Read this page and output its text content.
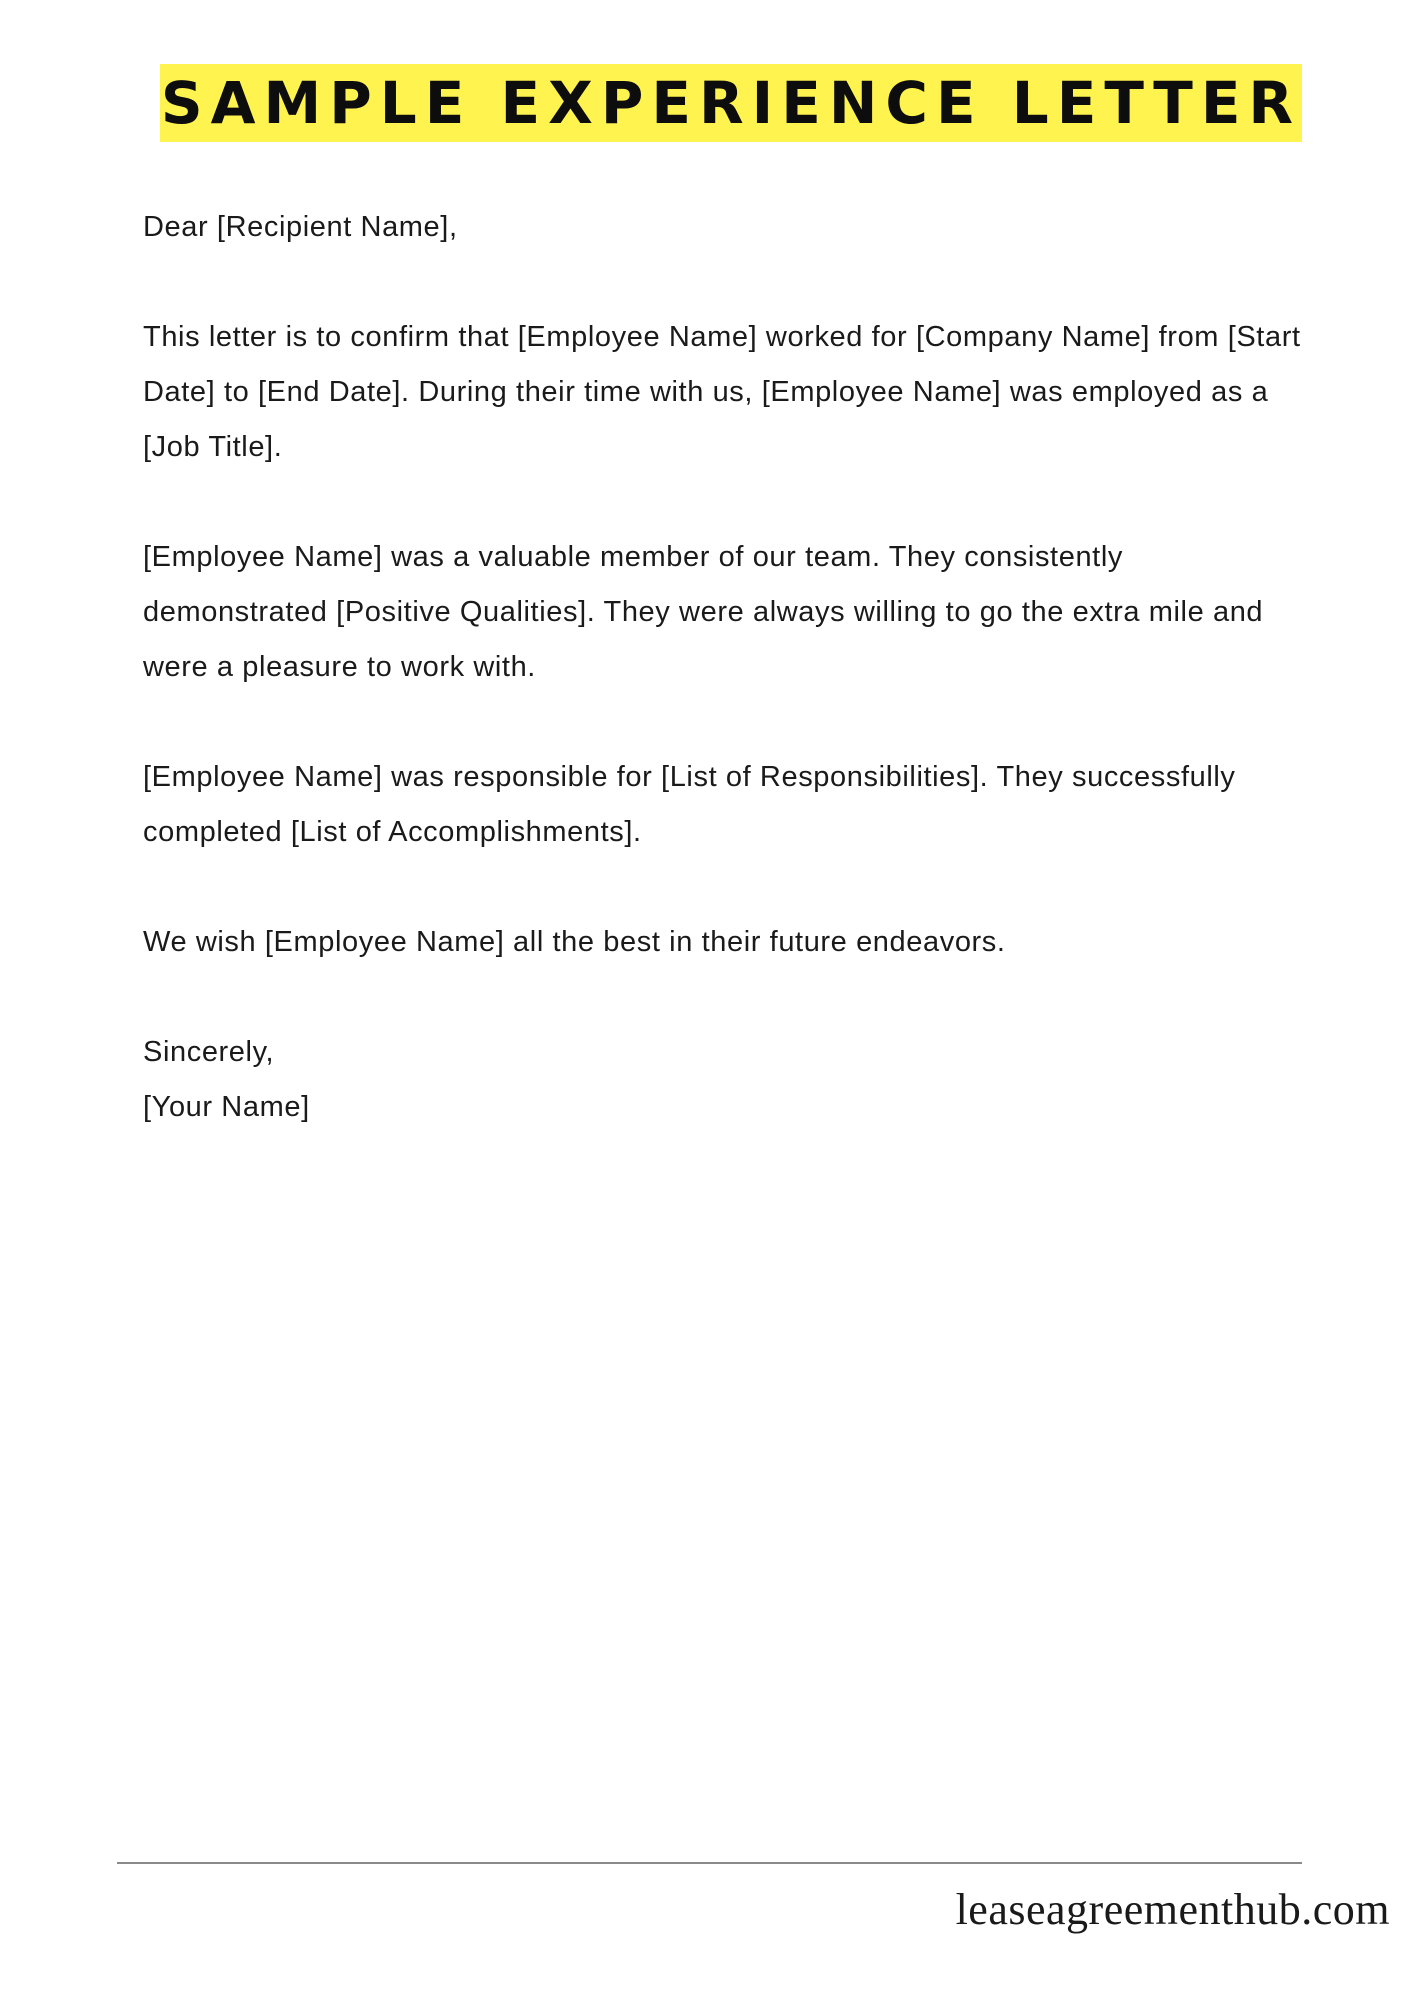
SAMPLE EXPERIENCE LETTER

Dear [Recipient Name],

This letter is to confirm that [Employee Name] worked for [Company Name] from [Start Date] to [End Date]. During their time with us, [Employee Name] was employed as a [Job Title].

[Employee Name] was a valuable member of our team. They consistently demonstrated [Positive Qualities]. They were always willing to go the extra mile and were a pleasure to work with.

[Employee Name] was responsible for [List of Responsibilities]. They successfully completed [List of Accomplishments].

We wish [Employee Name] all the best in their future endeavors.

Sincerely,

[Your Name]

leaseagreementhub.com
